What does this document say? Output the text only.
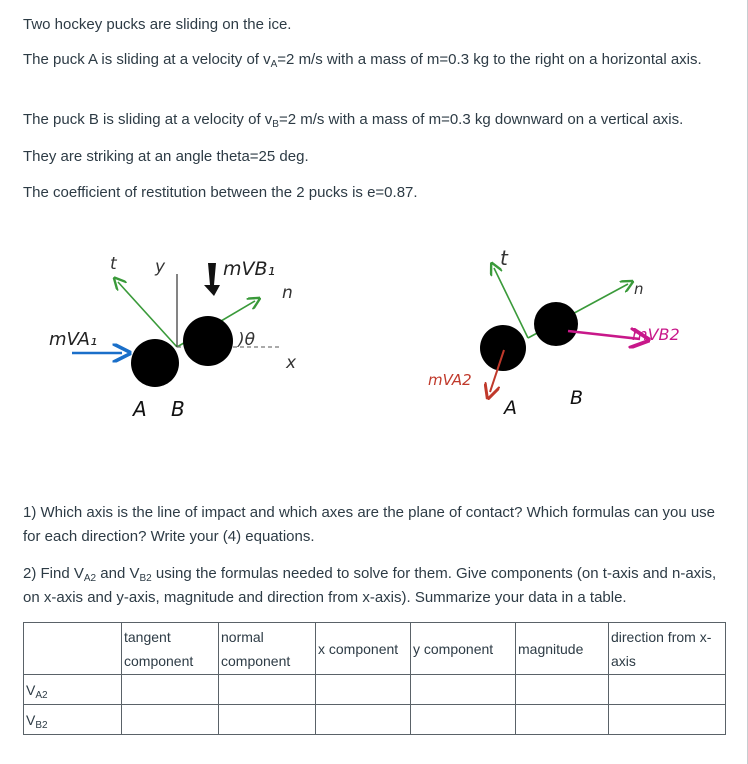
Two hockey pucks are sliding on the ice.

The puck A is sliding at a velocity of $v_A=2$ m/s with a mass of m=0.3 kg to the right on a horizontal axis.

The puck B is sliding at a velocity of $v_B=2$ m/s with a mass of m=0.3 kg downward on a vertical axis.

They are striking at an angle theta=25 deg.

The coefficient of restitution between the 2 pucks is e=0.87.

t y	mVB₁
n
mVA₁	)θ
x
A B
t
n
mVB2
mVA2
A	B

1) Which axis is the line of impact and which axes are the plane of contact? Which formulas can you use for each direction? Write your (4) equations.

2) Find $V_{A2}$ and $V_{B2}$ using the formulas needed to solve for them. Give components (on t-axis and n-axis, on x-axis and y-axis, magnitude and direction from x-axis). Summarize your data in a table.

	tangent component	normal component	x component	y component	magnitude	direction from x-axis
$V_{A2}$						
$V_{B2}$						
